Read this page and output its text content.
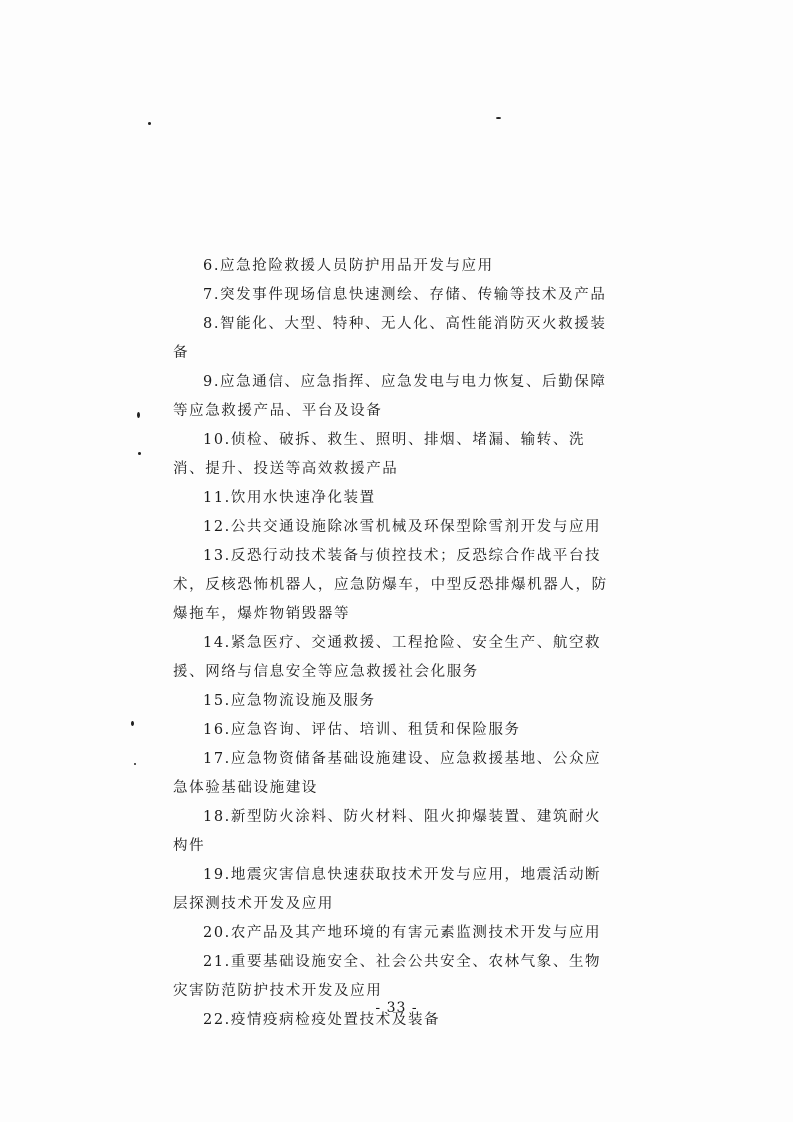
6.应急抢险救援人员防护用品开发与应用

7.突发事件现场信息快速测绘、存储、传输等技术及产品

8.智能化、大型、特种、无人化、高性能消防灭火救援装备

9.应急通信、应急指挥、应急发电与电力恢复、后勤保障等应急救援产品、平台及设备

10.侦检、破拆、救生、照明、排烟、堵漏、输转、洗消、提升、投送等高效救援产品

11.饮用水快速净化装置

12.公共交通设施除冰雪机械及环保型除雪剂开发与应用

13.反恐行动技术装备与侦控技术；反恐综合作战平台技术，反核恐怖机器人，应急防爆车，中型反恐排爆机器人，防爆拖车，爆炸物销毁器等

14.紧急医疗、交通救援、工程抢险、安全生产、航空救援、网络与信息安全等应急救援社会化服务

15.应急物流设施及服务

16.应急咨询、评估、培训、租赁和保险服务

17.应急物资储备基础设施建设、应急救援基地、公众应急体验基础设施建设

18.新型防火涂料、防火材料、阻火抑爆装置、建筑耐火构件

19.地震灾害信息快速获取技术开发与应用，地震活动断层探测技术开发及应用

20.农产品及其产地环境的有害元素监测技术开发与应用

21.重要基础设施安全、社会公共安全、农林气象、生物灾害防范防护技术开发及应用

22.疫情疫病检疫处置技术及装备

- 33 -
